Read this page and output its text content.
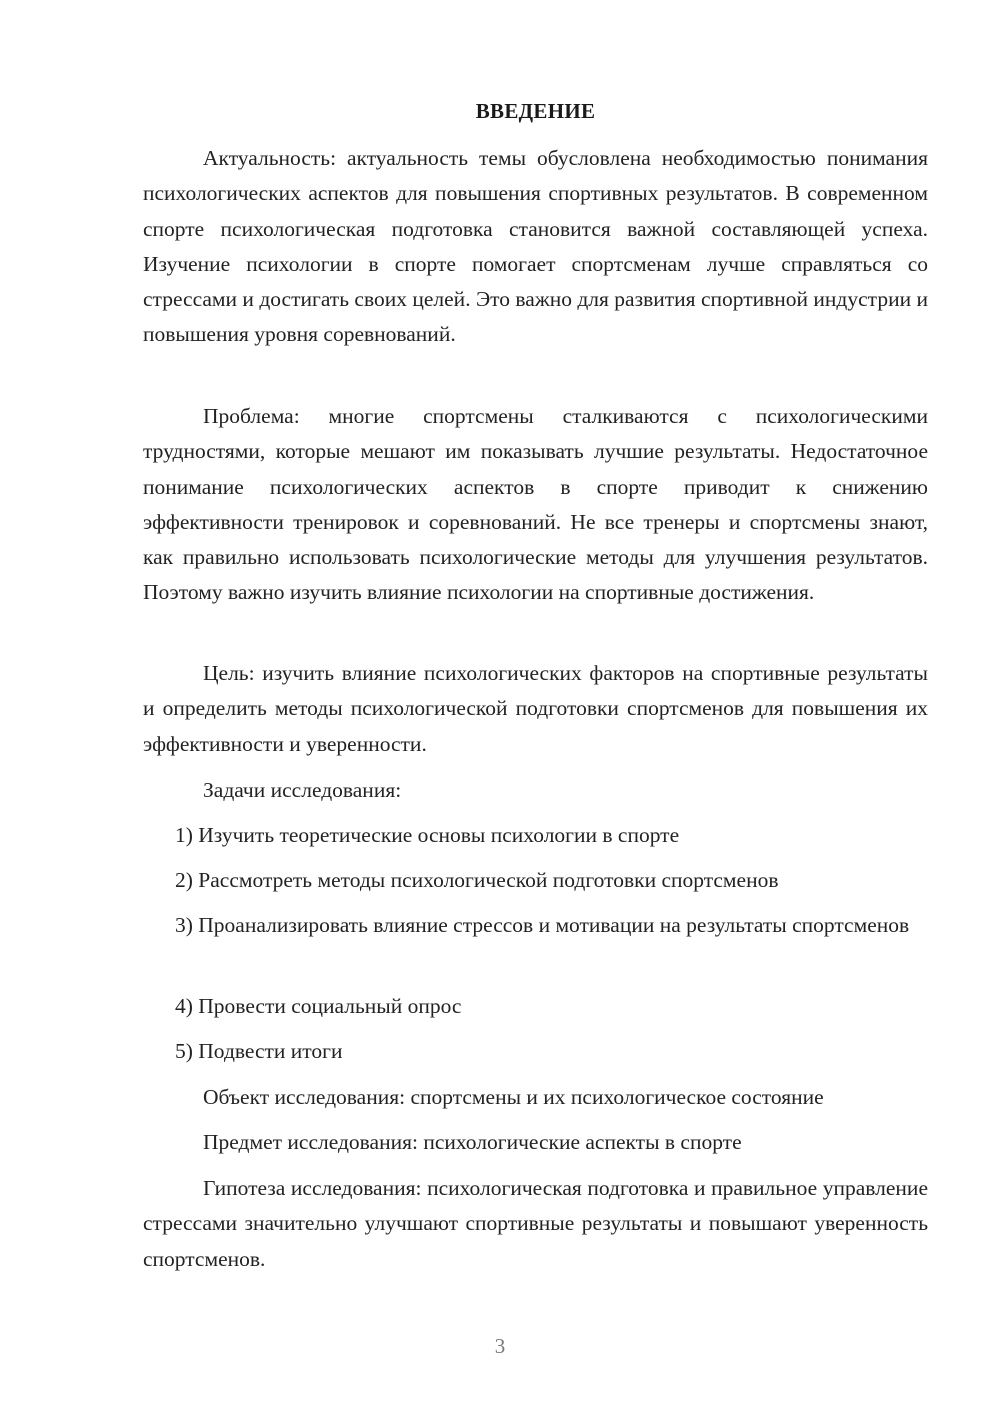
ВВЕДЕНИЕ

Актуальность: актуальность темы обусловлена необходимостью понимания психологических аспектов для повышения спортивных результатов. В современном спорте психологическая подготовка становится важной составляющей успеха. Изучение психологии в спорте помогает спортсменам лучше справляться со стрессами и достигать своих целей. Это важно для развития спортивной индустрии и повышения уровня соревнований.

Проблема: многие спортсмены сталкиваются с психологическими трудностями, которые мешают им показывать лучшие результаты. Недостаточное понимание психологических аспектов в спорте приводит к снижению эффективности тренировок и соревнований. Не все тренеры и спортсмены знают, как правильно использовать психологические методы для улучшения результатов. Поэтому важно изучить влияние психологии на спортивные достижения.

Цель: изучить влияние психологических факторов на спортивные результаты и определить методы психологической подготовки спортсменов для повышения их эффективности и уверенности.

Задачи исследования:

1) Изучить теоретические основы психологии в спорте

2) Рассмотреть методы психологической подготовки спортсменов

3) Проанализировать влияние стрессов и мотивации на результаты спортсменов

4) Провести социальный опрос

5) Подвести итоги

Объект исследования: спортсмены и их психологическое состояние

Предмет исследования: психологические аспекты в спорте

Гипотеза исследования: психологическая подготовка и правильное управление стрессами значительно улучшают спортивные результаты и повышают уверенность спортсменов.

3
